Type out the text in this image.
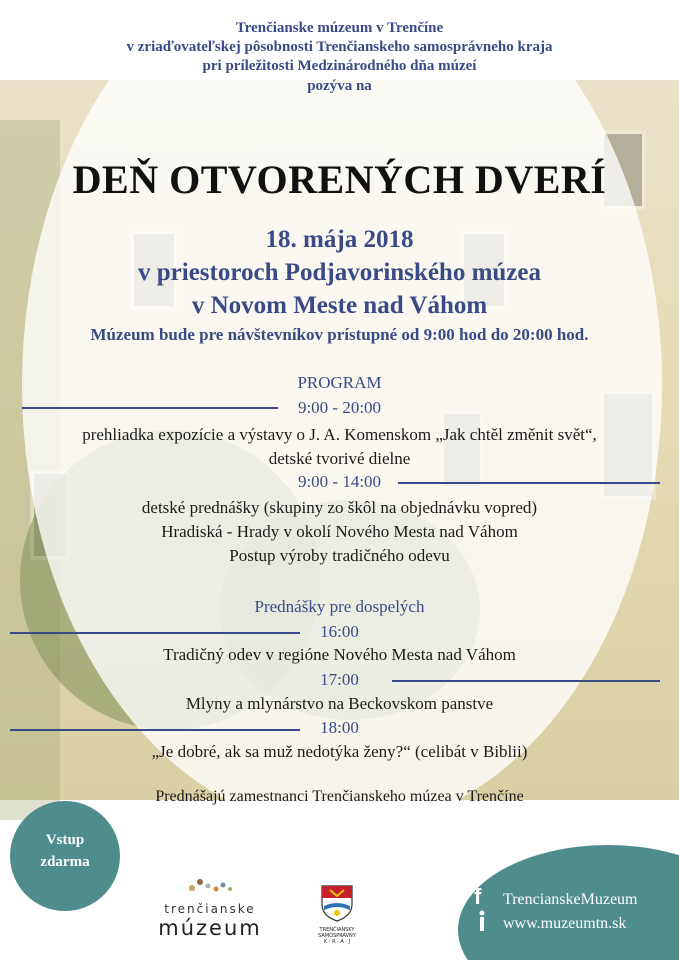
Trenčianske múzeum v Trenčíne
v zriaďovateľskej pôsobnosti Trenčianskeho samosprávneho kraja
pri príležitosti Medzinárodného dňa múzeí
pozýva na
DEŇ OTVORENÝCH DVERÍ
18. mája 2018
v priestoroch Podjavorinského múzea
v Novom Meste nad Váhom
Múzeum bude pre návštevníkov prístupné od 9:00 hod do 20:00 hod.
PROGRAM
9:00 - 20:00
prehliadka expozície a výstavy o J. A. Komenskom „Jak chtěl změnit svět“,
detské tvorivé dielne
9:00 - 14:00
detské prednášky (skupiny zo škôl na objednávku vopred)
Hradiská - Hrady v okolí Nového Mesta nad Váhom
Postup výroby tradičného odevu
Prednášky pre dospelých
16:00
Tradičný odev v regióne Nového Mesta nad Váhom
17:00
Mlyny a mlynárstvo na Beckovskom panstve
18:00
„Je dobré, ak sa muž nedotýka ženy?“ (celibát v Biblii)
Prednášajú zamestnanci Trenčianskeho múzea v Trenčíne
Vstup
zdarma
trenčianske
múzeum	TRENČIANSKY
SAMOSPRÁVNY
K · R · A · J
f TrencianskeMuzeum
www.muzeumtn.sk
